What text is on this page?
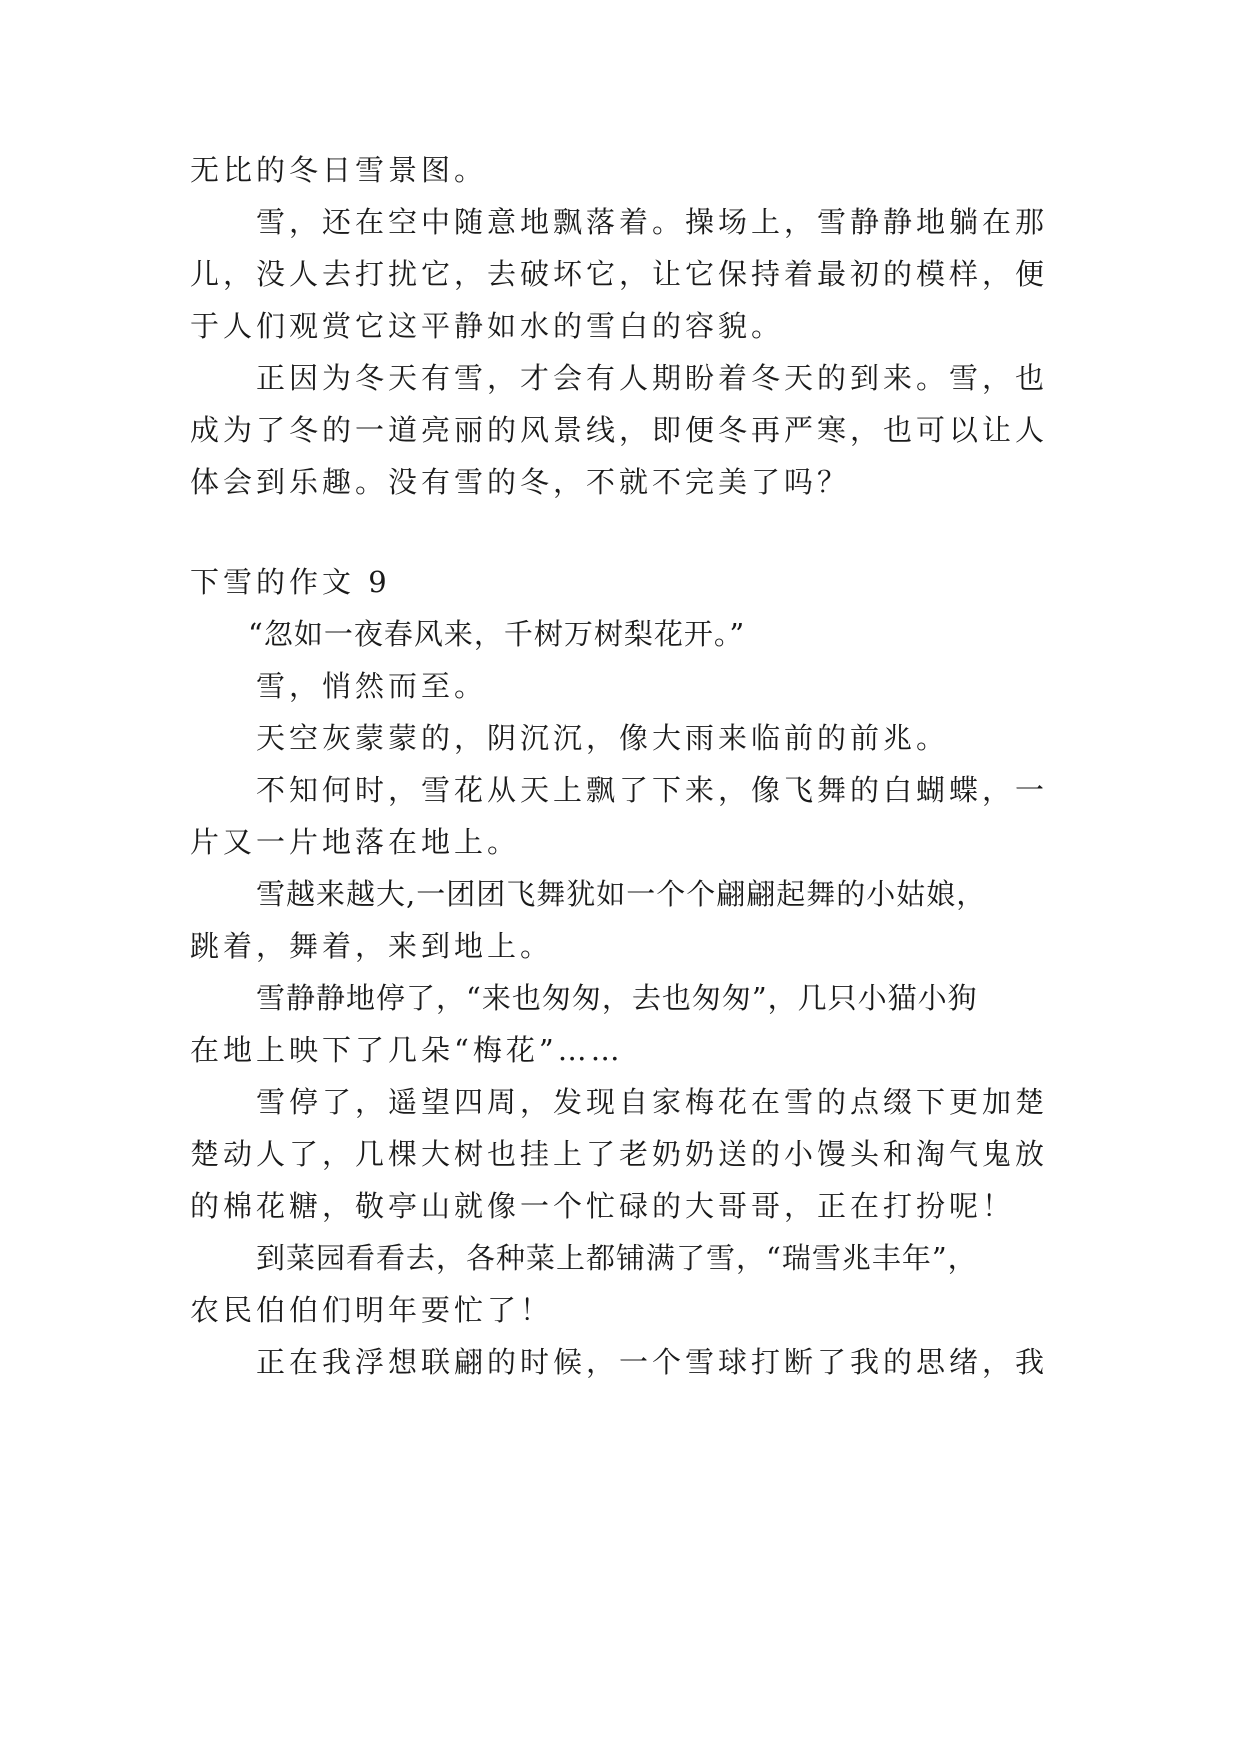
无比的冬日雪景图。
雪，还在空中随意地飘落着。操场上，雪静静地躺在那
儿，没人去打扰它，去破坏它，让它保持着最初的模样，便
于人们观赏它这平静如水的雪白的容貌。
正因为冬天有雪，才会有人期盼着冬天的到来。雪，也
成为了冬的一道亮丽的风景线，即便冬再严寒，也可以让人
体会到乐趣。没有雪的冬，不就不完美了吗？
下雪的作文 9
“忽如一夜春风来，千树万树梨花开。”
雪，悄然而至。
天空灰蒙蒙的，阴沉沉，像大雨来临前的前兆。
不知何时，雪花从天上飘了下来，像飞舞的白蝴蝶，一
片又一片地落在地上。
雪越来越大,一团团飞舞犹如一个个翩翩起舞的小姑娘，
跳着，舞着，来到地上。
雪静静地停了，“来也匆匆，去也匆匆”，几只小猫小狗
在地上映下了几朵“梅花”……
雪停了，遥望四周，发现自家梅花在雪的点缀下更加楚
楚动人了，几棵大树也挂上了老奶奶送的小馒头和淘气鬼放
的棉花糖，敬亭山就像一个忙碌的大哥哥，正在打扮呢！
到菜园看看去，各种菜上都铺满了雪，“瑞雪兆丰年”，
农民伯伯们明年要忙了！
正在我浮想联翩的时候，一个雪球打断了我的思绪，我
